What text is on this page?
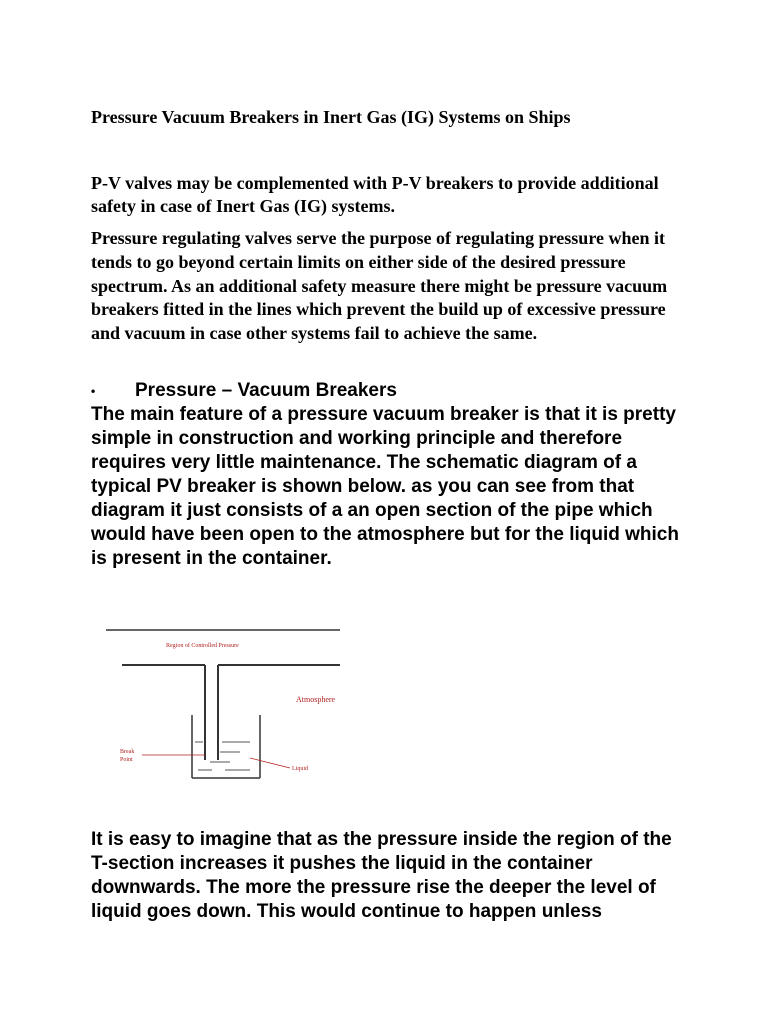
Pressure Vacuum Breakers in Inert Gas (IG) Systems on Ships
P-V valves may be complemented with P-V breakers to provide additional safety in case of Inert Gas (IG) systems.
Pressure regulating valves serve the purpose of regulating pressure when it tends to go beyond certain limits on either side of the desired pressure spectrum. As an additional safety measure there might be pressure vacuum breakers fitted in the lines which prevent the build up of excessive pressure and vacuum in case other systems fail to achieve the same.
•	Pressure – Vacuum Breakers
The main feature of a pressure vacuum breaker is that it is pretty simple in construction and working principle and therefore requires very little maintenance. The schematic diagram of a typical PV breaker is shown below. as you can see from that diagram it just consists of a an open section of the pipe which would have been open to the atmosphere but for the liquid which is present in the container.
Region of Controlled Pressure
Atmosphere
Break
Point
Liquid
It is easy to imagine that as the pressure inside the region of the T-section increases it pushes the liquid in the container downwards. The more the pressure rise the deeper the level of liquid goes down. This would continue to happen unless
